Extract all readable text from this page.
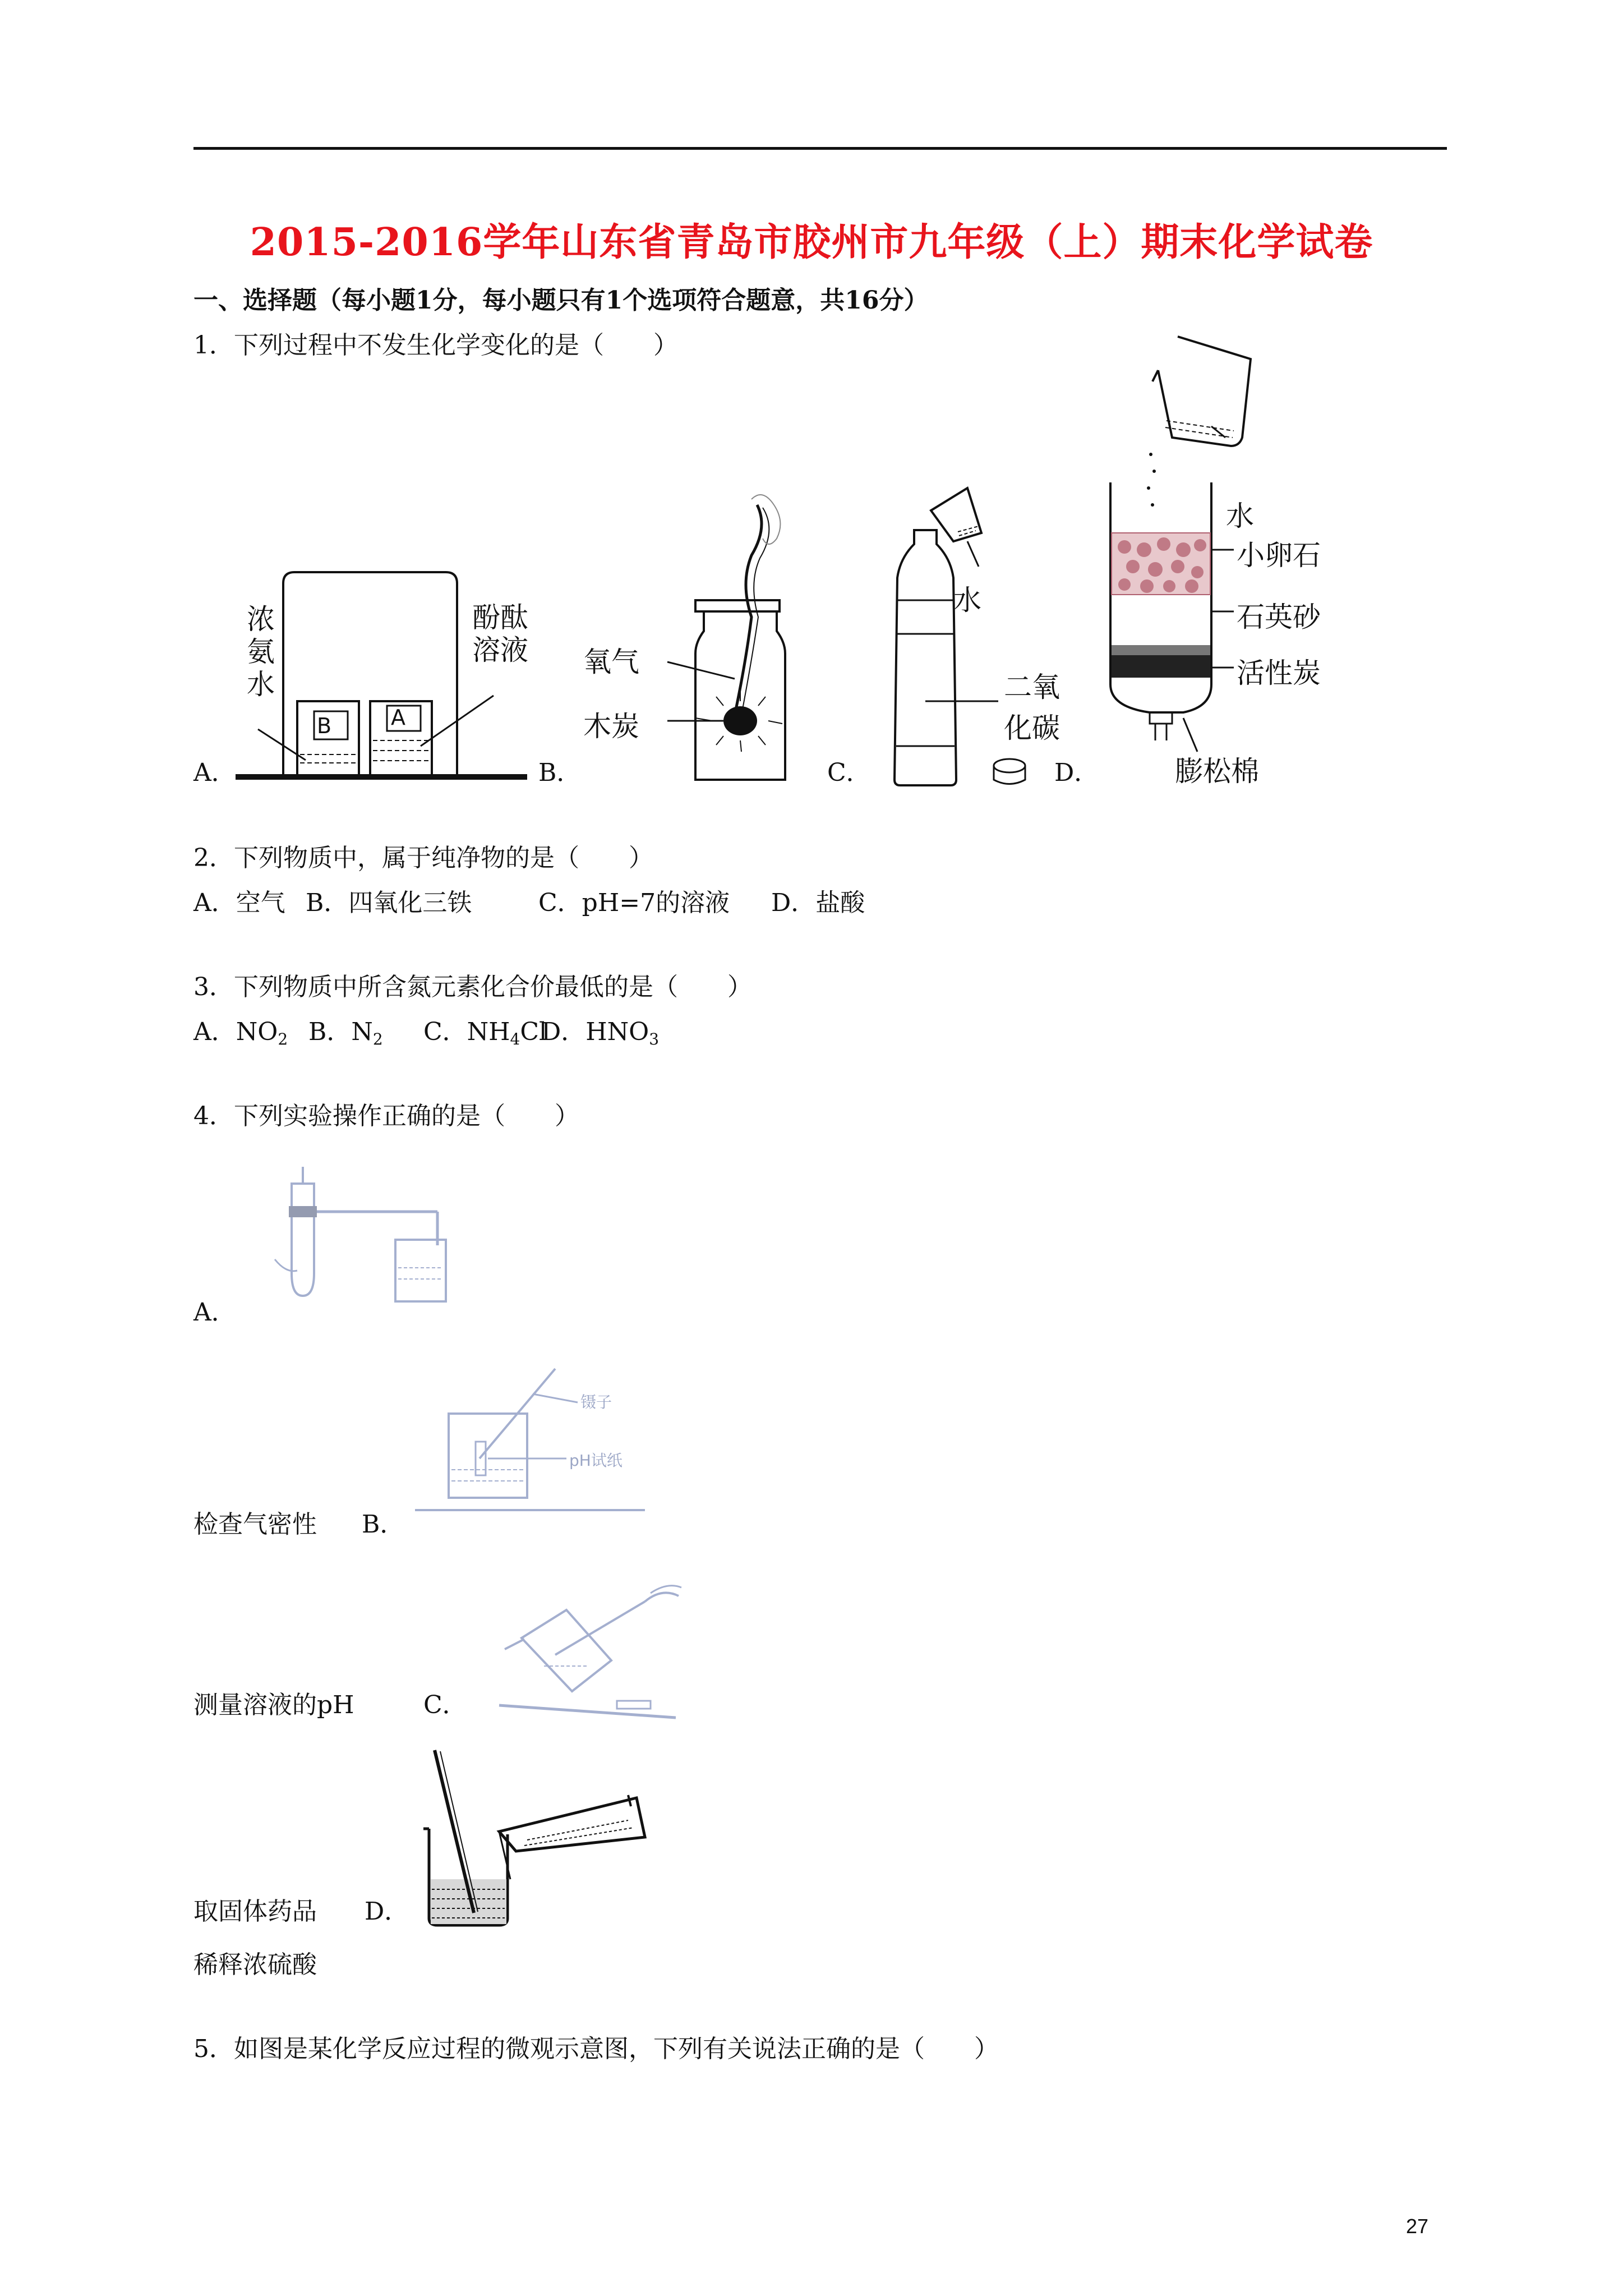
2015-2016学年山东省青岛市胶州市九年级（上）期末化学试卷
一、选择题（每小题1分，每小题只有1个选项符合题意，共16分）
1．下列过程中不发生化学变化的是（　　）
A．	B．	C．	D．
浓氨水
酚酞溶液
B	A
氧气
木炭
水
二氧
化碳
水
小卵石
石英砂
活性炭
膨松棉
2．下列物质中，属于纯净物的是（　　）
A．空气 B．四氧化三铁	C．pH=7的溶液 D．盐酸
3．下列物质中所含氮元素化合价最低的是（　　）
A．$NO_2$ B．$N_2$ C．$NH_4Cl$
D．$HNO_3$
4．下列实验操作正确的是（　　）
A．
镊子
pH试纸
检查气密性 B．
测量溶液的pH	C．
取固体药品 D．
稀释浓硫酸
5．如图是某化学反应过程的微观示意图，下列有关说法正确的是（　　）
27
